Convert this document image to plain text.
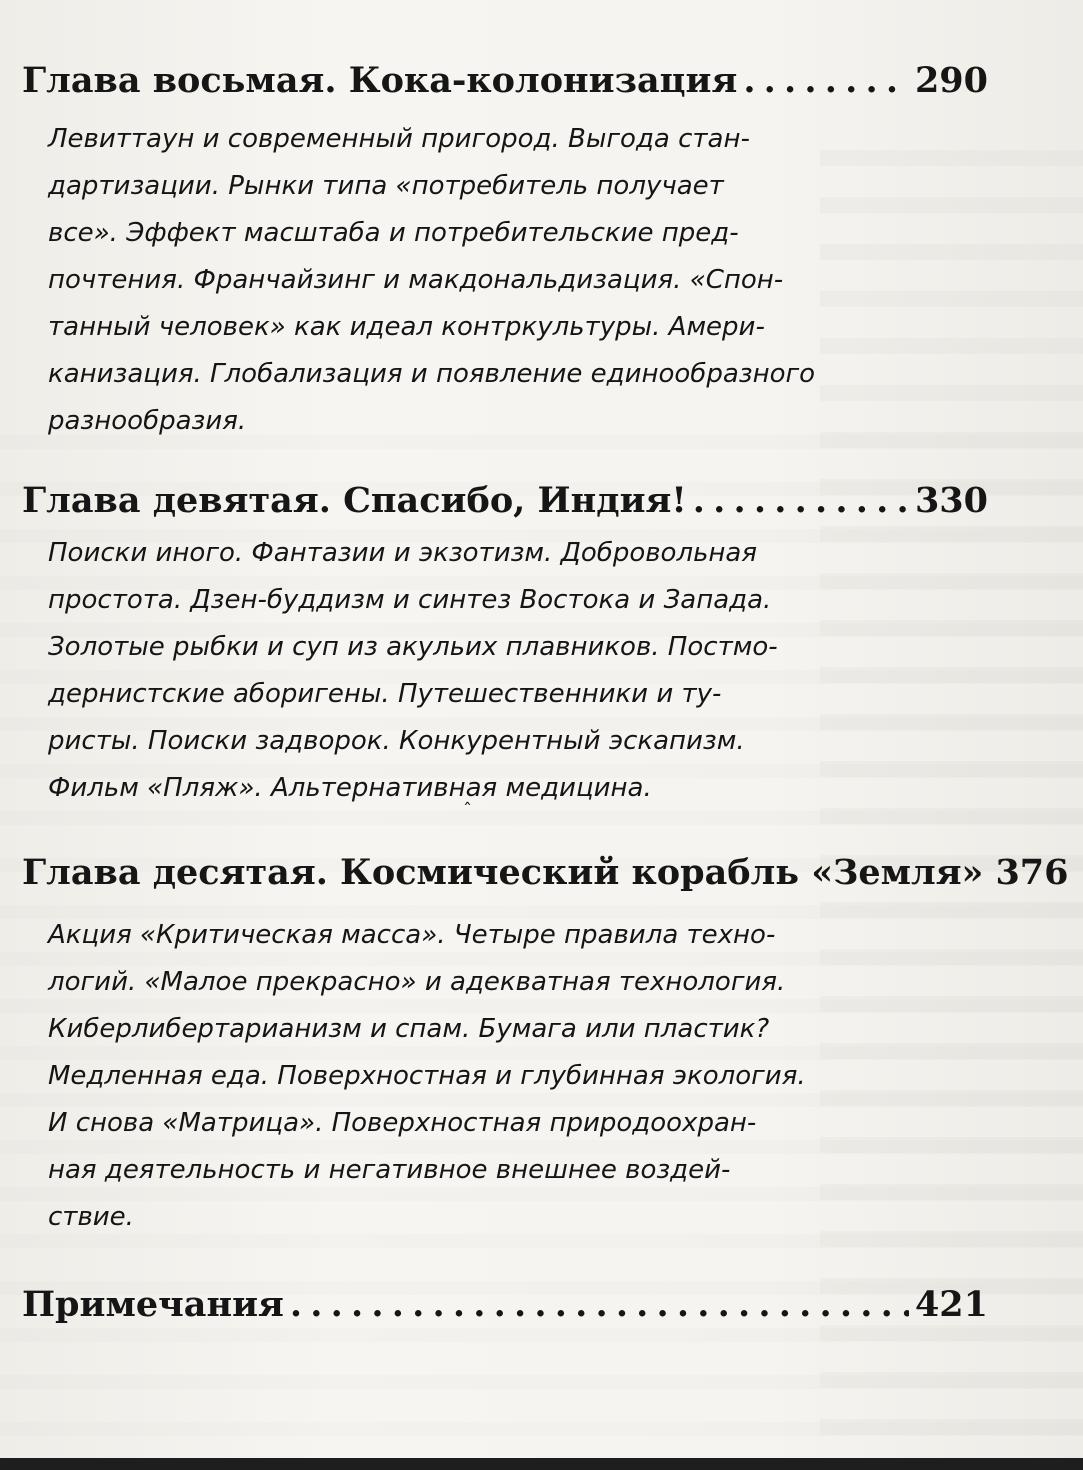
Глава восьмая. Кока-колонизация . . .	290
Левиттаун и современный пригород. Выгода стан-
дартизации. Рынки типа «потребитель получает
все». Эффект масштаба и потребительские пред-
почтения. Франчайзинг и макдональдизация. «Спон-
танный человек» как идеал контркультуры. Амери-
канизация. Глобализация и появление единообразного
разнообразия.
Глава девятая. Спасибо, Индия! . . .	330
Поиски иного. Фантазии и экзотизм. Добровольная
простота. Дзен-буддизм и синтез Востока и Запада.
Золотые рыбки и суп из акульих плавников. Постмо-
дернистские аборигены. Путешественники и ту-
ристы. Поиски задворок. Конкурентный эскапизм.
Фильм «Пляж». Альтернативная медицина.
ˆ
Глава десятая. Космический корабль «Земля» 376
Акция «Критическая масса». Четыре правила техно-
логий. «Малое прекрасно» и адекватная технология.
Киберлибертарианизм и спам. Бумага или пластик?
Медленная еда. Поверхностная и глубинная экология.
И снова «Матрица». Поверхностная природоохран-
ная деятельность и негативное внешнее воздей-
ствие.
Примечания . . .	421
